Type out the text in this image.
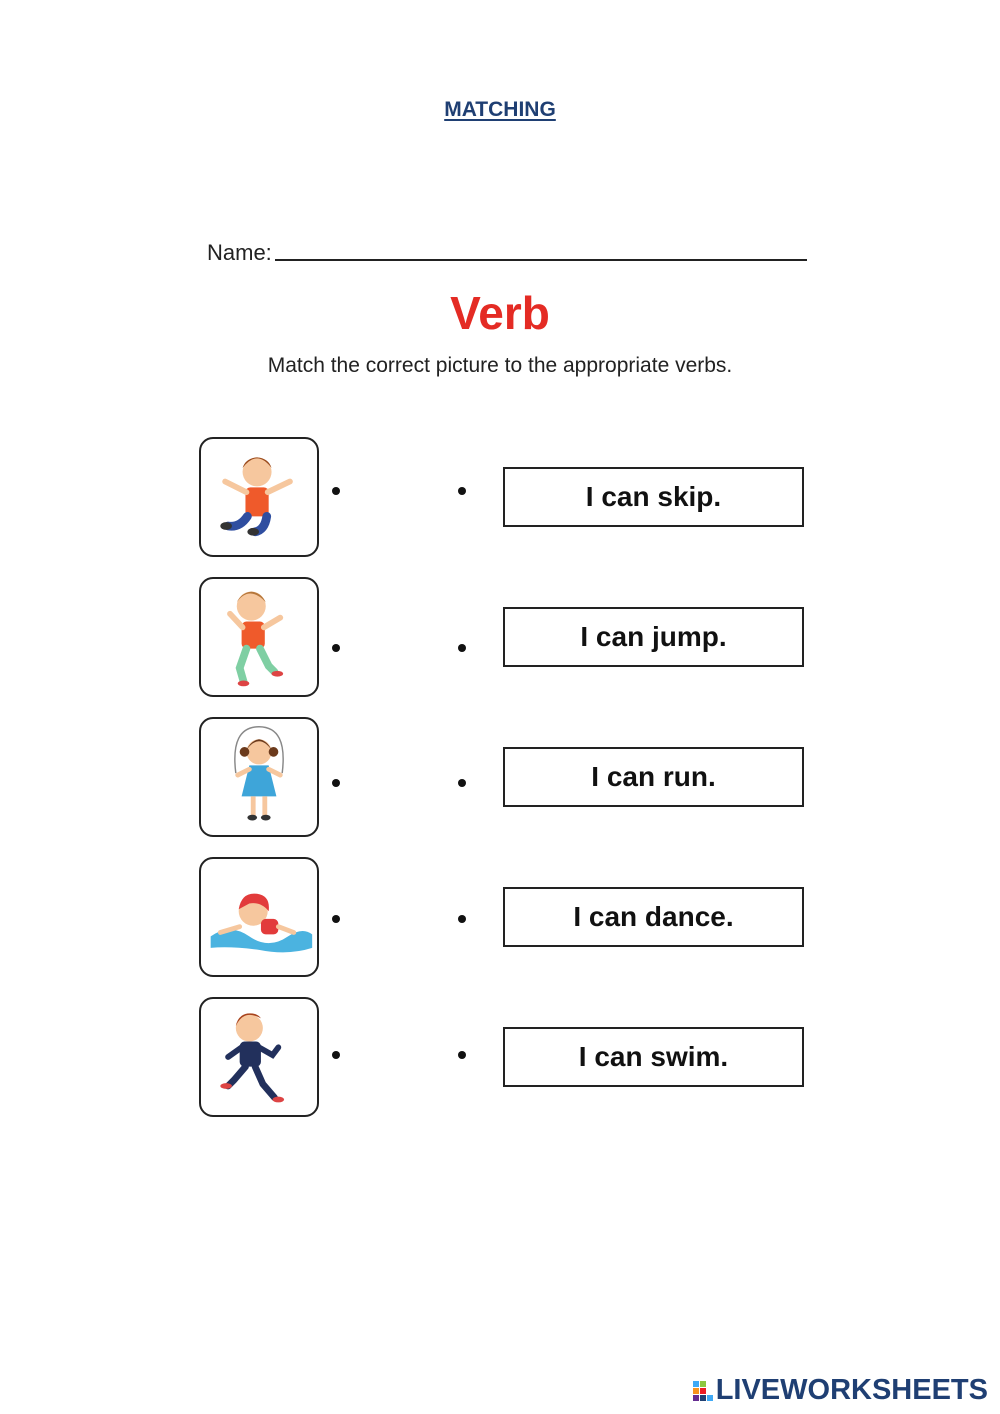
MATCHING
Name:
Verb
Match the correct picture to the appropriate verbs.
I can skip.
I can jump.
I can run.
I can dance.
I can swim.
LIVEWORKSHEETS
